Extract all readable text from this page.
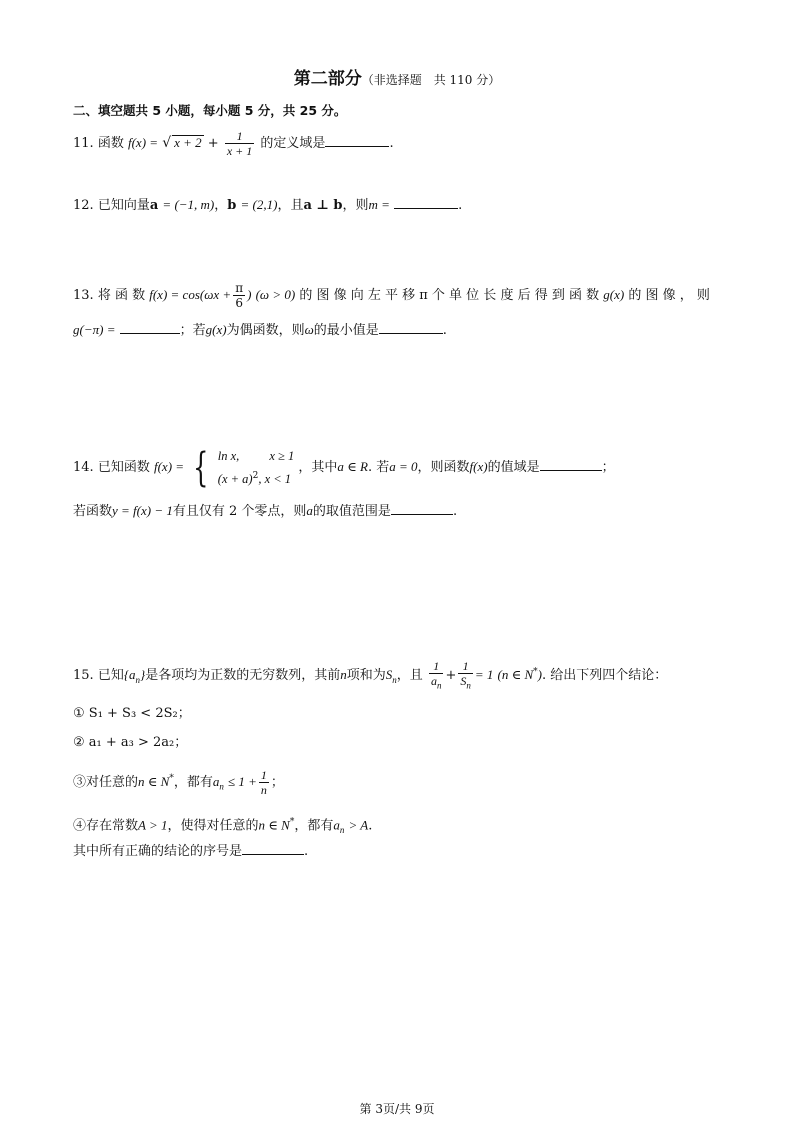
第二部分（非选择题　共 110 分）
二、填空题共 5 小题，每小题 5 分，共 25 分。
11. 函数 f(x) = √ $x + 2 + \frac{1}{x + 1}$ 的定义域是	.
12. 已知向量a = (−1, m)，b = (2,1)，且a ⊥ b，则m =	.
13. 将 函 数 $f(x) = \cos(\omega x + \frac{\pi}{6}$ ) (ω > 0) 的 图 像 向 左 平 移 π 个 单 位 长 度 后 得 到 函 数 g(x) 的 图 像 ， 则
g(−π) =	；若g(x)为偶函数，则ω的最小值是	.
14. 已知函数 f(x) = { ln x, x ≥ 1
$(x + a)^2$, x < 1
，其中a ∈ R. 若a = 0，则函数f(x)的值域是	；
若函数y = f(x) − 1有且仅有 2 个零点，则a的取值范围是	.
15. 已知$\{a_n\}$是各项均为正数的无穷数列，其前n项和为$S_n$，且 $\frac{1}{a_n} + \frac{1}{S_n} = 1$ (n ∈ N*). 给出下列四个结论：
① S₁ + S₃ < 2S₂；
② a₁ + a₃ > 2a₂；
③对任意的n ∈ N*，都有$a_n \le 1 + \frac{1}{n}$ ；
④存在常数A > 1，使得对任意的n ∈ N*，都有$a_n > A$.
其中所有正确的结论的序号是	.
第 3页/共 9页
